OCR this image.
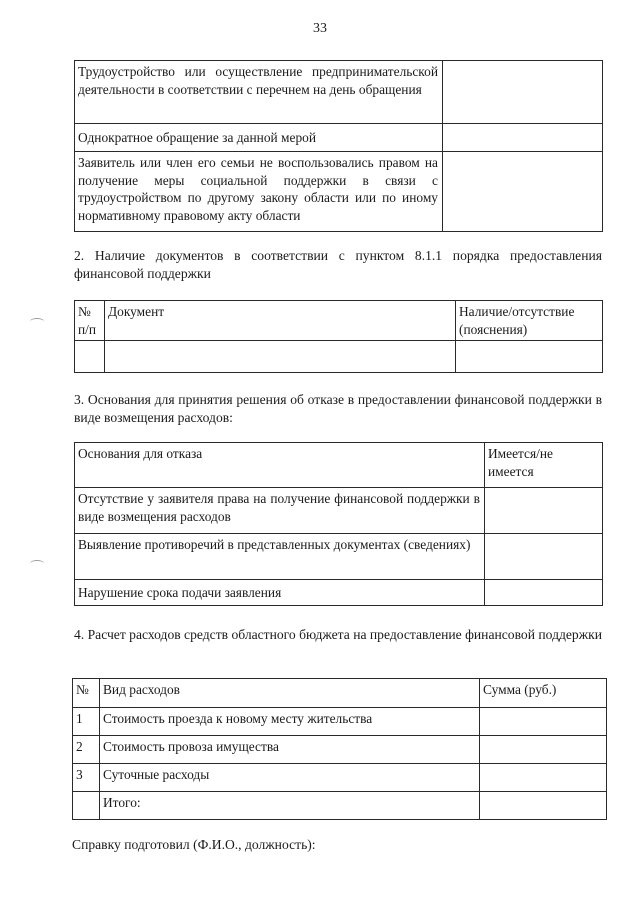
33
Трудоустройство или осуществление предпринимательской деятельности в соответствии с перечнем на день обращения	
Однократное обращение за данной мерой	
Заявитель или член его семьи не воспользовались правом на получение меры социальной поддержки в связи с трудоустройством по другому закону области или по иному нормативному правовому акту области	
2. Наличие документов в соответствии с пунктом 8.1.1 порядка предоставления финансовой поддержки
№ п/п	Документ	Наличие/отсутствие (пояснения)

3. Основания для принятия решения об отказе в предоставлении финансовой поддержки в виде возмещения расходов:
Основания для отказа	Имеется/не имеется
Отсутствие у заявителя права на получение финансовой поддержки в виде возмещения расходов	
Выявление противоречий в представленных документах (сведениях)	
Нарушение срока подачи заявления	
4. Расчет расходов средств областного бюджета на предоставление финансовой поддержки
№	Вид расходов	Сумма (руб.)
1	Стоимость проезда к новому месту жительства	
2	Стоимость провоза имущества	
3	Суточные расходы	
	Итого:	
Справку подготовил (Ф.И.О., должность):
